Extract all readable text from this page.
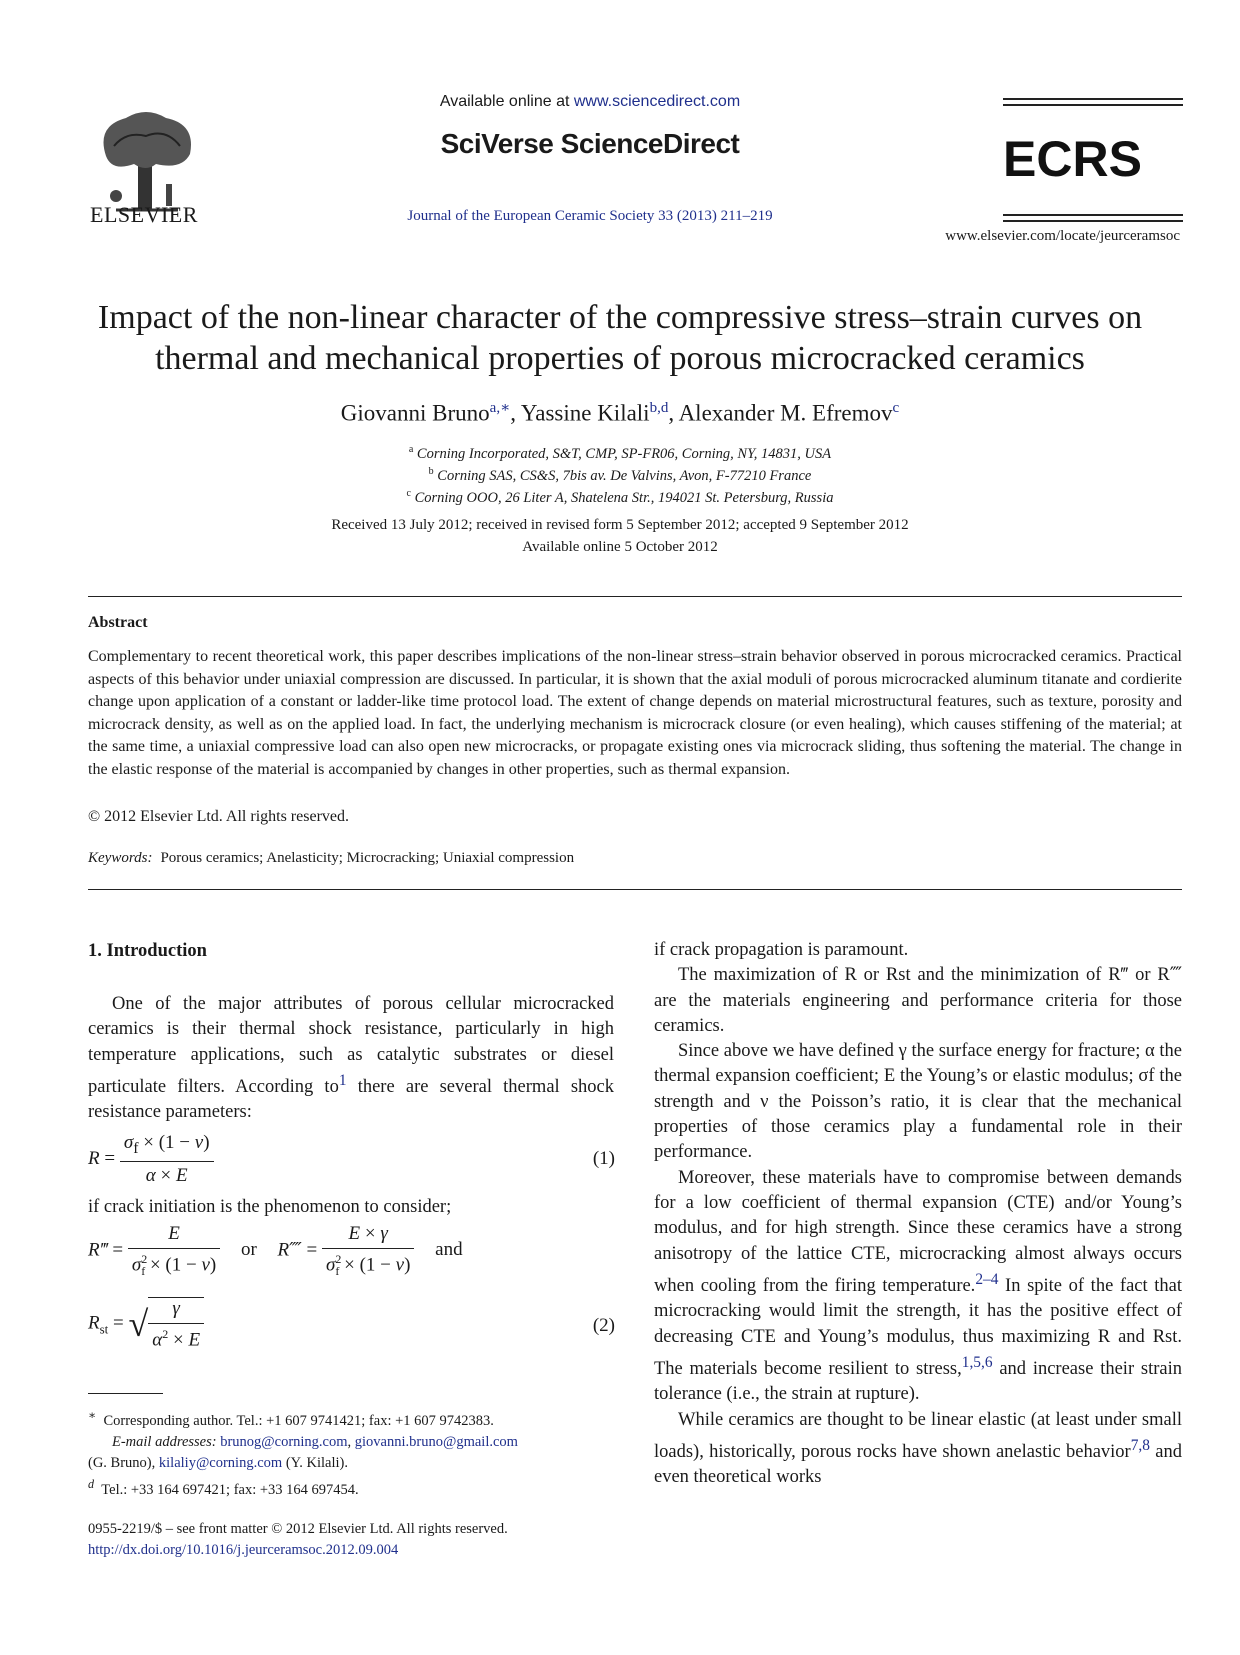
ELSEVIER
Available online at www.sciencedirect.com
SciVerse ScienceDirect
Journal of the European Ceramic Society 33 (2013) 211–219
ECRS
www.elsevier.com/locate/jeurceramsoc
Impact of the non-linear character of the compressive stress–strain curves on
thermal and mechanical properties of porous microcracked ceramics
Giovanni Bruno$^{a,∗}$, Yassine Kilali$^{b,d}$, Alexander M. Efremov$^c$
$^a$ Corning Incorporated, S&T, CMP, SP-FR06, Corning, NY, 14831, USA
$^b$ Corning SAS, CS&S, 7bis av. De Valvins, Avon, F-77210 France
$^c$ Corning OOO, 26 Liter A, Shatelena Str., 194021 St. Petersburg, Russia
Received 13 July 2012; received in revised form 5 September 2012; accepted 9 September 2012
Available online 5 October 2012
Abstract
Complementary to recent theoretical work, this paper describes implications of the non-linear stress–strain behavior observed in porous microcracked ceramics. Practical aspects of this behavior under uniaxial compression are discussed. In particular, it is shown that the axial moduli of porous microcracked aluminum titanate and cordierite change upon application of a constant or ladder-like time protocol load. The extent of change depends on material microstructural features, such as texture, porosity and microcrack density, as well as on the applied load. In fact, the underlying mechanism is microcrack closure (or even healing), which causes stiffening of the material; at the same time, a uniaxial compressive load can also open new microcracks, or propagate existing ones via microcrack sliding, thus softening the material. The change in the elastic response of the material is accompanied by changes in other properties, such as thermal expansion.
© 2012 Elsevier Ltd. All rights reserved.
Keywords: Porous ceramics; Anelasticity; Microcracking; Uniaxial compression
1. Introduction

One of the major attributes of porous cellular microcracked ceramics is their thermal shock resistance, particularly in high temperature applications, such as catalytic substrates or diesel particulate filters. According $to^1$ there are several thermal shock resistance parameters:

$R = \frac{\sigma_f \times (1 - \nu)}{\alpha \times E}$	(1)
if crack initiation is the phenomenon to consider;
R‴ = $\frac{E}{\sigma^2_f \times (1 - \nu)}$ or R⁗ = $\frac{E \times \gamma}{\sigma^2_f \times (1 - \nu)}$ and
$R_{st}$ = √ $\frac{\gamma}{\alpha^2 \times E}$	(2)
∗ Corresponding author. Tel.: +1 607 9741421; fax: +1 607 9742383.
E-mail addresses: brunog@corning.com, giovanni.bruno@gmail.com
(G. Bruno), kilaliy@corning.com (Y. Kilali).
$^d$ Tel.: +33 164 697421; fax: +33 164 697454.
0955-2219/$ – see front matter © 2012 Elsevier Ltd. All rights reserved.
http://dx.doi.org/10.1016/j.jeurceramsoc.2012.09.004

if crack propagation is paramount.

The maximization of R or Rst and the minimization of R‴ or R⁗ are the materials engineering and performance criteria for those ceramics.

Since above we have defined γ the surface energy for fracture; α the thermal expansion coefficient; E the Young’s or elastic modulus; σf the strength and ν the Poisson’s ratio, it is clear that the mechanical properties of those ceramics play a fundamental role in their performance.

Moreover, these materials have to compromise between demands for a low coefficient of thermal expansion (CTE) and/or Young’s modulus, and for high strength. Since these ceramics have a strong anisotropy of the lattice CTE, microcracking almost always occurs when cooling from the firing temperature.$^{2-4}$ In spite of the fact that microcracking would limit the strength, it has the positive effect of decreasing CTE and Young’s modulus, thus maximizing R and Rst. The materials become resilient to stress,$^{1,5,6}$ and increase their strain tolerance (i.e., the strain at rupture).

While ceramics are thought to be linear elastic (at least under small loads), historically, porous rocks have shown anelastic behavior$^{7,8}$ and even theoretical works
